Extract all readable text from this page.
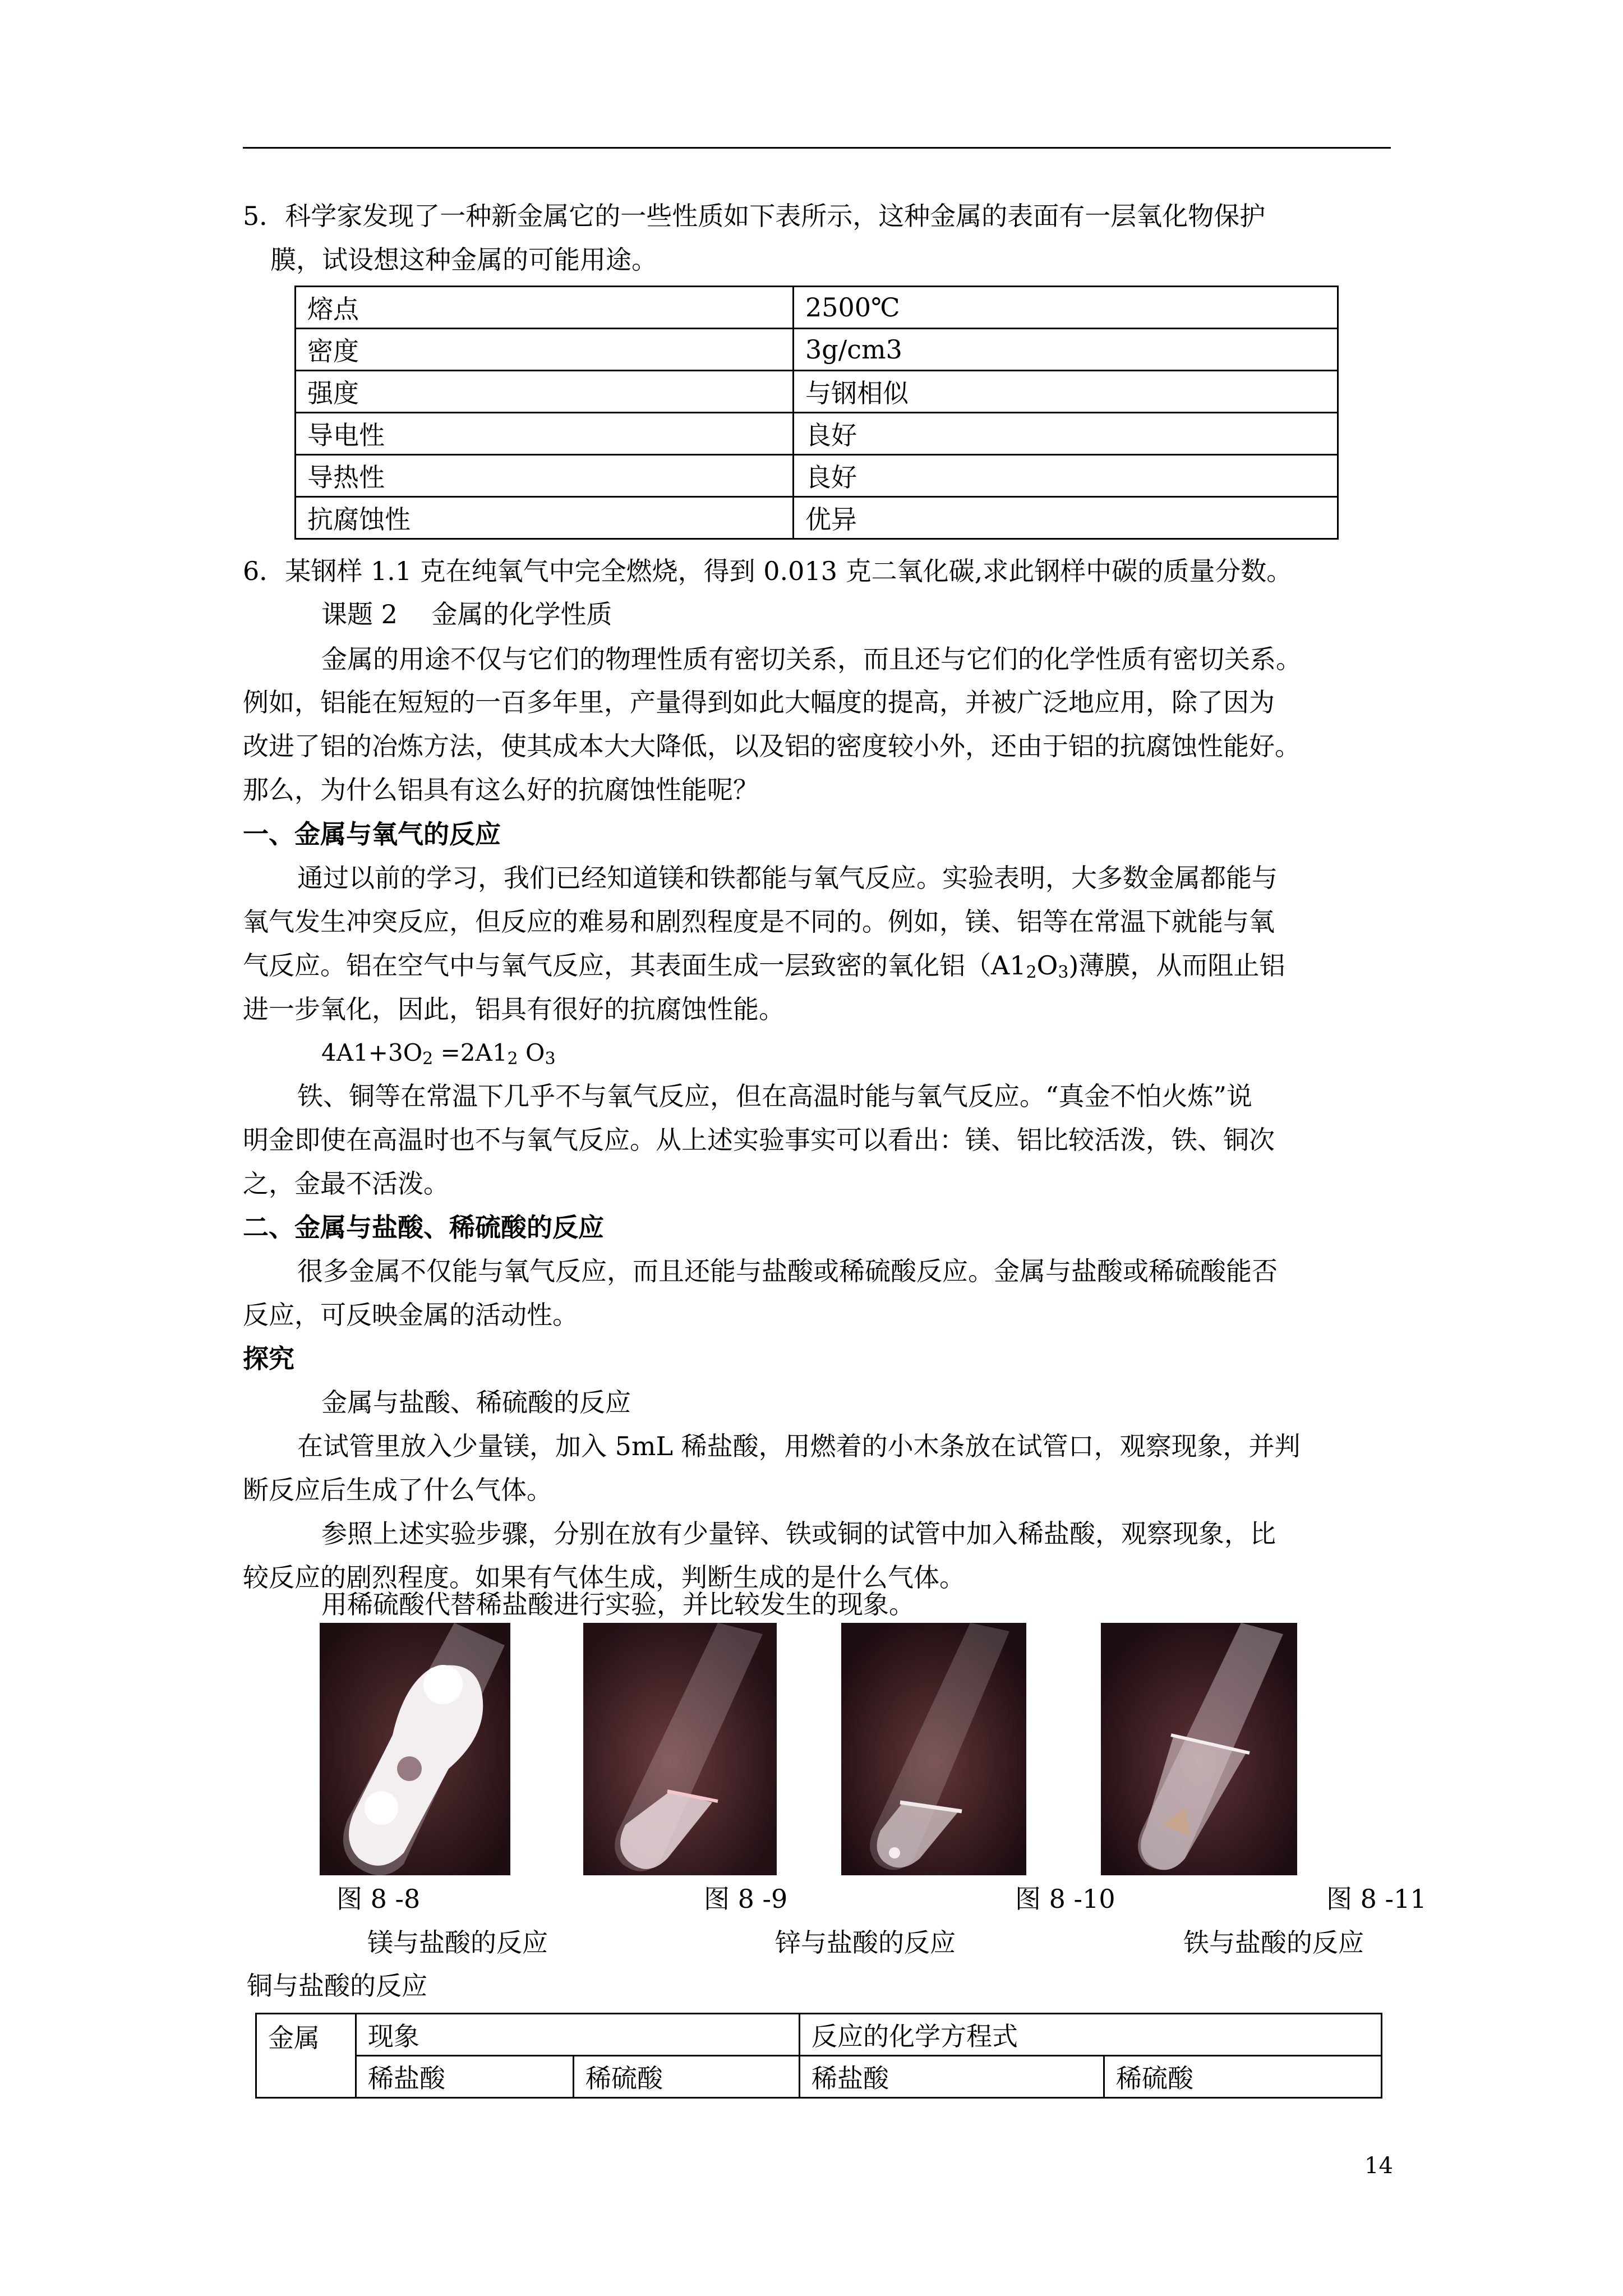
5．科学家发现了一种新金属它的一些性质如下表所示，这种金属的表面有一层氧化物保护
膜，试设想这种金属的可能用途。
熔点	2500℃
密度	3g/cm3
强度	与钢相似
导电性	良好
导热性	良好
抗腐蚀性	优异
6．某钢样 1.1 克在纯氧气中完全燃烧，得到 0.013 克二氧化碳,求此钢样中碳的质量分数。
课题 2　 金属的化学性质
金属的用途不仅与它们的物理性质有密切关系，而且还与它们的化学性质有密切关系。
例如，铝能在短短的一百多年里，产量得到如此大幅度的提高，并被广泛地应用，除了因为
改进了铝的冶炼方法，使其成本大大降低，以及铝的密度较小外，还由于铝的抗腐蚀性能好。
那么，为什么铝具有这么好的抗腐蚀性能呢？
一、金属与氧气的反应
通过以前的学习，我们已经知道镁和铁都能与氧气反应。实验表明，大多数金属都能与
氧气发生冲突反应，但反应的难易和剧烈程度是不同的。例如，镁、铝等在常温下就能与氧
气反应。铝在空气中与氧气反应，其表面生成一层致密的氧化铝$(A1_2O_3)$薄膜，从而阻止铝
进一步氧化，因此，铝具有很好的抗腐蚀性能。
$4A1+3O_2 =2A1_2$ $O_3$
铁、铜等在常温下几乎不与氧气反应，但在高温时能与氧气反应。“真金不怕火炼”说
明金即使在高温时也不与氧气反应。从上述实验事实可以看出：镁、铝比较活泼，铁、铜次
之，金最不活泼。
二、金属与盐酸、稀硫酸的反应
很多金属不仅能与氧气反应，而且还能与盐酸或稀硫酸反应。金属与盐酸或稀硫酸能否
反应，可反映金属的活动性。
探究
金属与盐酸、稀硫酸的反应
在试管里放入少量镁，加入 5mL 稀盐酸，用燃着的小木条放在试管口，观察现象，并判
断反应后生成了什么气体。
参照上述实验步骤，分别在放有少量锌、铁或铜的试管中加入稀盐酸，观察现象，比
较反应的剧烈程度。如果有气体生成，判断生成的是什么气体。
用稀硫酸代替稀盐酸进行实验，并比较发生的现象。
图 8 -8	图 8 -9	图 8 -10	图 8 -11
镁与盐酸的反应	锌与盐酸的反应	铁与盐酸的反应
铜与盐酸的反应
金属	现象		反应的化学方程式	
	稀盐酸	稀硫酸	稀盐酸	稀硫酸
14
